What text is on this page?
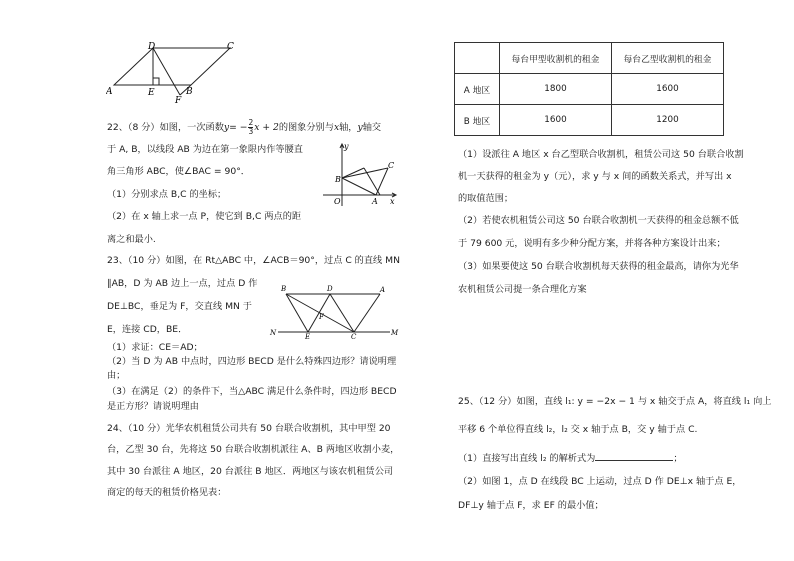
D	C
A	E	B
F
22、（8 分）如图，一次函数$y= - \frac{2}{3}$ x + 2的图象分别与x轴，y轴交
于 A, B，以线段 AB 为边在第一象限内作等腰直
角三角形 ABC，使∠BAC = 90°．
（1）分别求点 B,C 的坐标；
（2）在 x 轴上求一点 P，使它到 B,C 两点的距
离之和最小.
y
C
B
O	A x
23、（10 分）如图，在 Rt△ABC 中，∠ACB＝90°，过点 C 的直线 MN
∥AB，D 为 AB 边上一点，过点 D 作
DE⊥BC，垂足为 F，交直线 MN 于
E，连接 CD，BE．
（1）求证：CE＝AD；
（2）当 D 为 AB 中点时，四边形 BECD 是什么特殊四边形？请说明理
由；
（3）在满足（2）的条件下，当△ABC 满足什么条件时，四边形 BECD
是正方形？请说明理由
B	D	A
F
N	E	C	M
24、（10 分）光华农机租赁公司共有 50 台联合收割机，其中甲型 20
台，乙型 30 台，先将这 50 台联合收割机派往 A、B 两地区收割小麦，
其中 30 台派往 A 地区，20 台派往 B 地区．两地区与该农机租赁公司
商定的每天的租赁价格见表：
	每台甲型收割机的租金	每台乙型收割机的租金
A 地区	1800	1600
B 地区	1600	1200
（1）设派往 A 地区 x 台乙型联合收割机，租赁公司这 50 台联合收割
机一天获得的租金为 y（元），求 y 与 x 间的函数关系式，并写出 x
的取值范围；
（2）若使农机租赁公司这 50 台联合收割机一天获得的租金总额不低
于 79 600 元，说明有多少种分配方案，并将各种方案设计出来；
（3）如果要使这 50 台联合收割机每天获得的租金最高，请你为光华
农机租赁公司提一条合理化方案
25、（12 分）如图，直线 l₁: y = −2x − 1 与 x 轴交于点 A，将直线 l₁ 向上
平移 6 个单位得直线 l₂，l₂ 交 x 轴于点 B，交 y 轴于点 C.
（1）直接写出直线 l₂ 的解析式为	；
（2）如图 1，点 D 在线段 BC 上运动，过点 D 作 DE⊥x 轴于点 E，
DF⊥y 轴于点 F，求 EF 的最小值；
